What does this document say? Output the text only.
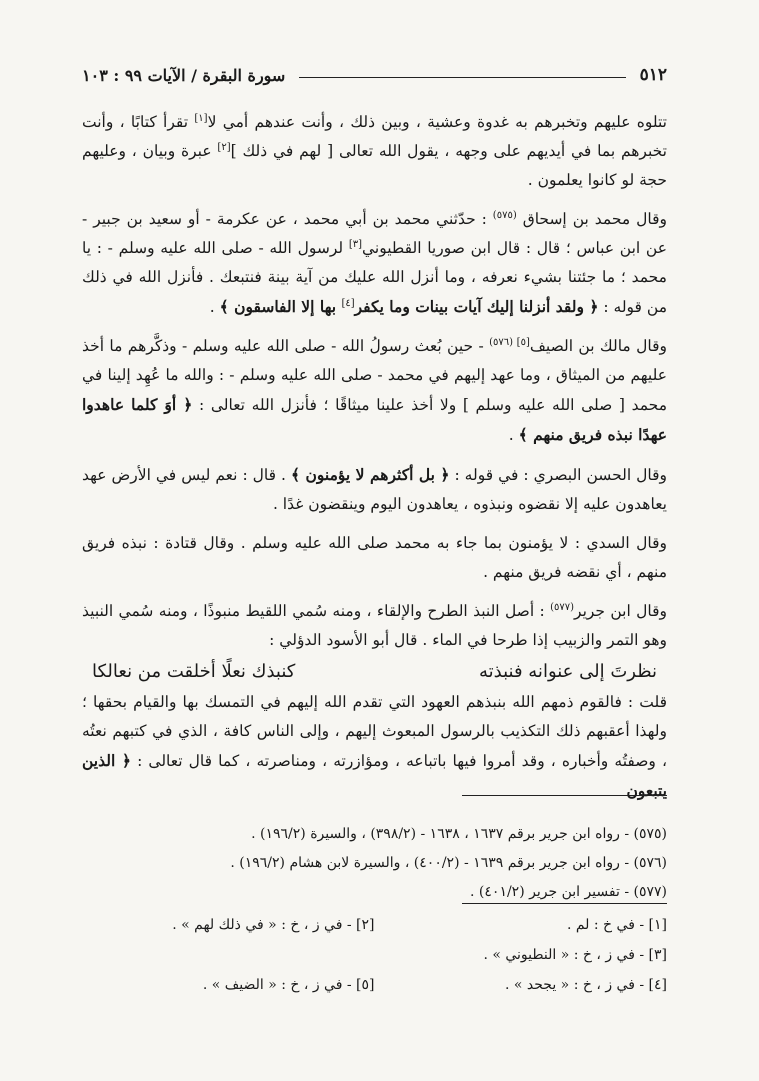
٥١٢
سورة البقرة / الآيات ٩٩ : ١٠٣

تتلوه عليهم وتخبرهم به غدوة وعشية ، وبين ذلك ، وأنت عندهم أمي لا[١] تقرأ كتابًا ، وأنت تخبرهم بما في أيديهم على وجهه ، يقول الله تعالى [ لهم في ذلك ][٢] عبرة وبيان ، وعليهم حجة لو كانوا يعلمون .

وقال محمد بن إسحاق $^{(٥٧٥)}$ : حدّثني محمد بن أبي محمد ، عن عكرمة - أو سعيد بن جبير - عن ابن عباس ؛ قال : قال ابن صوريا القطيوني[٣] لرسول الله - صلى الله عليه وسلم - : يا محمد ؛ ما جئتنا بشيء نعرفه ، وما أنزل الله عليك من آية بينة فنتبعك . فأنزل الله في ذلك من قوله : ﴿ ولقد أنزلنا إليك آيات بينات وما يكفر[٤] بها إلا الفاسقون ﴾ .

وقال مالك بن الصيف[٥] $^{(٥٧٦)}$ - حين بُعث رسولُ الله - صلى الله عليه وسلم - وذكَّرهم ما أخذ عليهم من الميثاق ، وما عهد إليهم في محمد - صلى الله عليه وسلم - : والله ما عُهِد إلينا في محمد [ صلى الله عليه وسلم ] ولا أخذ علينا ميثاقًا ؛ فأنزل الله تعالى : ﴿ أوَ كلما عاهدوا عهدًا نبذه فريق منهم ﴾ .

وقال الحسن البصري : في قوله : ﴿ بل أكثرهم لا يؤمنون ﴾ . قال : نعم ليس في الأرض عهد يعاهدون عليه إلا نقضوه ونبذوه ، يعاهدون اليوم وينقضون غدًا .

وقال السدي : لا يؤمنون بما جاء به محمد صلى الله عليه وسلم . وقال قتادة : نبذه فريق منهم ، أي نقضه فريق منهم .

وقال ابن جرير$^{(٥٧٧)}$ : أصل النبذ الطرح والإلقاء ، ومنه سُمي اللقيط منبوذًا ، ومنه سُمي النبيذ وهو التمر والزبيب إذا طرحا في الماء . قال أبو الأسود الدؤلي :

نظرتَ إلى عنوانه فنبذته
كنبذك نعلًا أخلقت من نعالكا

قلت : فالقوم ذمهم الله بنبذهم العهود التي تقدم الله إليهم في التمسك بها والقيام بحقها ؛ ولهذا أعقبهم ذلك التكذيب بالرسول المبعوث إليهم ، وإلى الناس كافة ، الذي في كتبهم نعتُه ، وصفتُه وأخباره ، وقد أمروا فيها باتباعه ، ومؤازرته ، ومناصرته ، كما قال تعالى : ﴿ الذين يتبعون

(٥٧٥) - رواه ابن جرير برقم ١٦٣٧ ، ١٦٣٨ - (٣٩٨/٢) ، والسيرة (١٩٦/٢) .
(٥٧٦) - رواه ابن جرير برقم ١٦٣٩ - (٤٠٠/٢) ، والسيرة لابن هشام (١٩٦/٢) .
(٥٧٧) - تفسير ابن جرير (٤٠١/٢) .
[١] - في خ : لم .
[٢] - في ز ، خ : « في ذلك لهم » .
[٣] - في ز ، خ : « النطيوني » .
[٤] - في ز ، خ : « يجحد » .
[٥] - في ز ، خ : « الضيف » .
